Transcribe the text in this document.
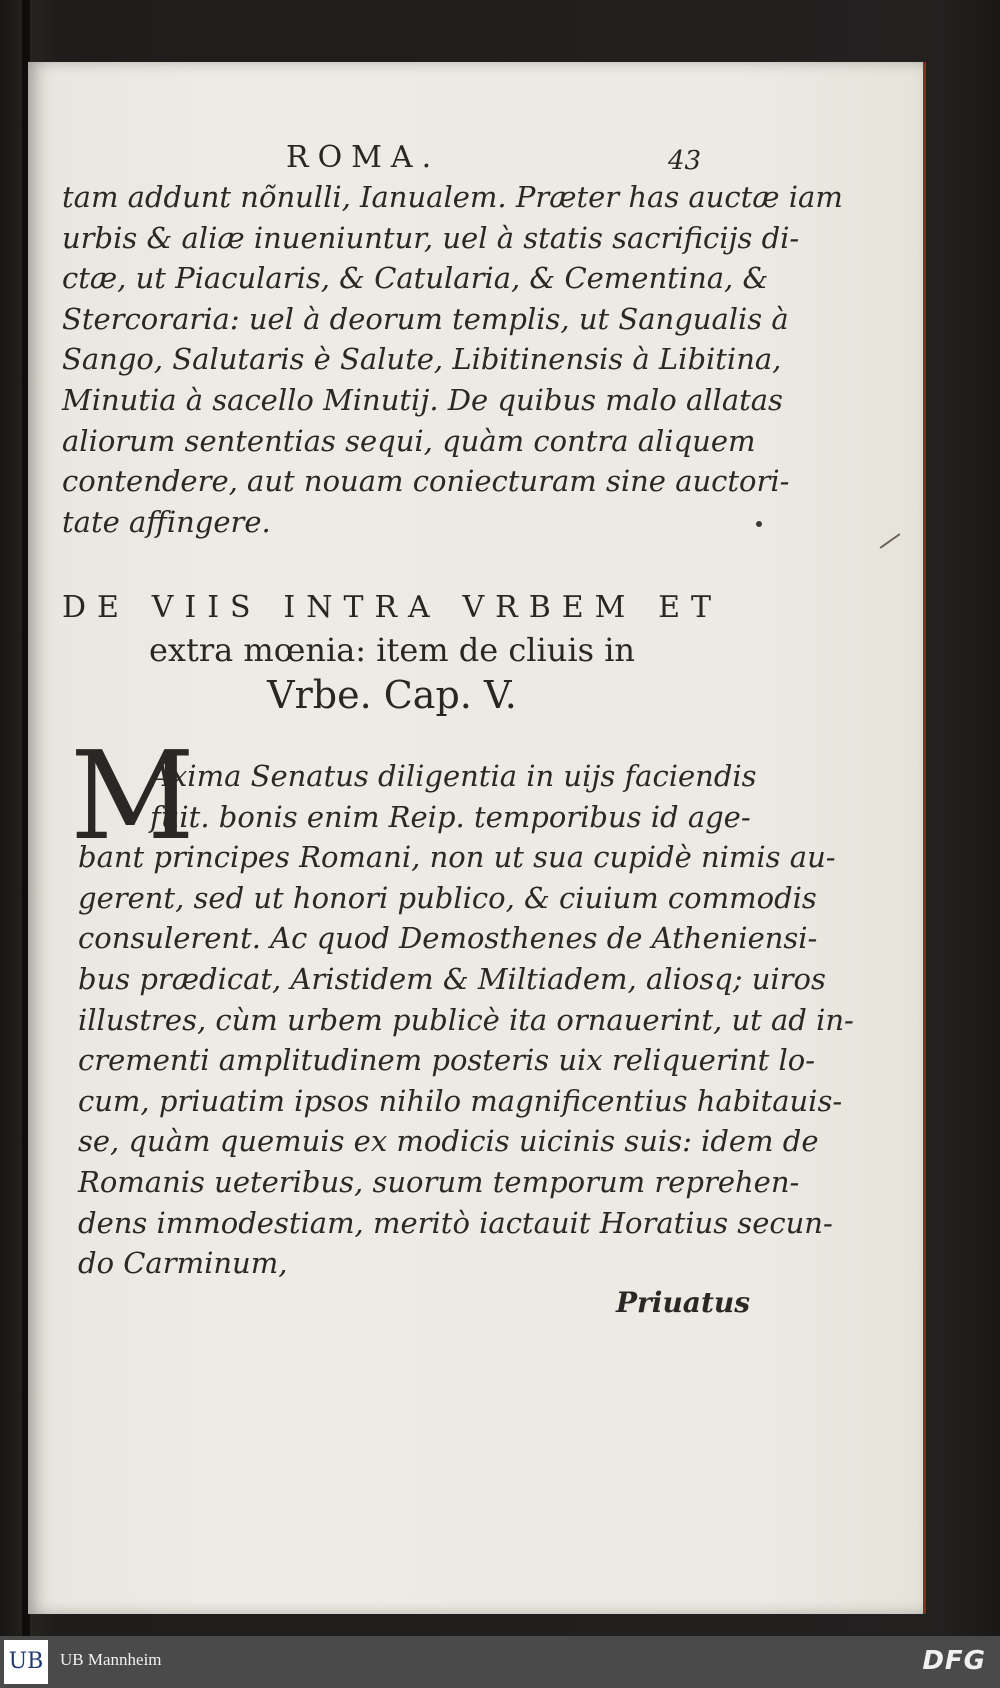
ROMA.	43
tam addunt nõnulli, Ianualem. Præter has auctæ iam
urbis & aliæ inueniuntur, uel à statis sacrificijs di-
ctæ, ut Piacularis, & Catularia, & Cementina, &
Stercoraria: uel à deorum templis, ut Sangualis à
Sango, Salutaris è Salute, Libitinensis à Libitina,
Minutia à sacello Minutij. De quibus malo allatas
aliorum sententias sequi, quàm contra aliquem
contendere, aut nouam coniecturam sine auctori-
tate affingere.
DE VIIS INTRA VRBEM ET
extra mœnia: item de cliuis in
Vrbe. Cap. V.
M
Axima Senatus diligentia in uijs faciendis
fuit. bonis enim Reip. temporibus id age-
bant principes Romani, non ut sua cupidè nimis au-
gerent, sed ut honori publico, & ciuium commodis
consulerent. Ac quod Demosthenes de Atheniensi-
bus prædicat, Aristidem & Miltiadem, aliosq; uiros
illustres, cùm urbem publicè ita ornauerint, ut ad in-
crementi amplitudinem posteris uix reliquerint lo-
cum, priuatim ipsos nihilo magnificentius habitauis-
se, quàm quemuis ex modicis uicinis suis: idem de
Romanis ueteribus, suorum temporum reprehen-
dens immodestiam, meritò iactauit Horatius secun-
do Carminum,
Priuatus
UB UB Mannheim	DFG
